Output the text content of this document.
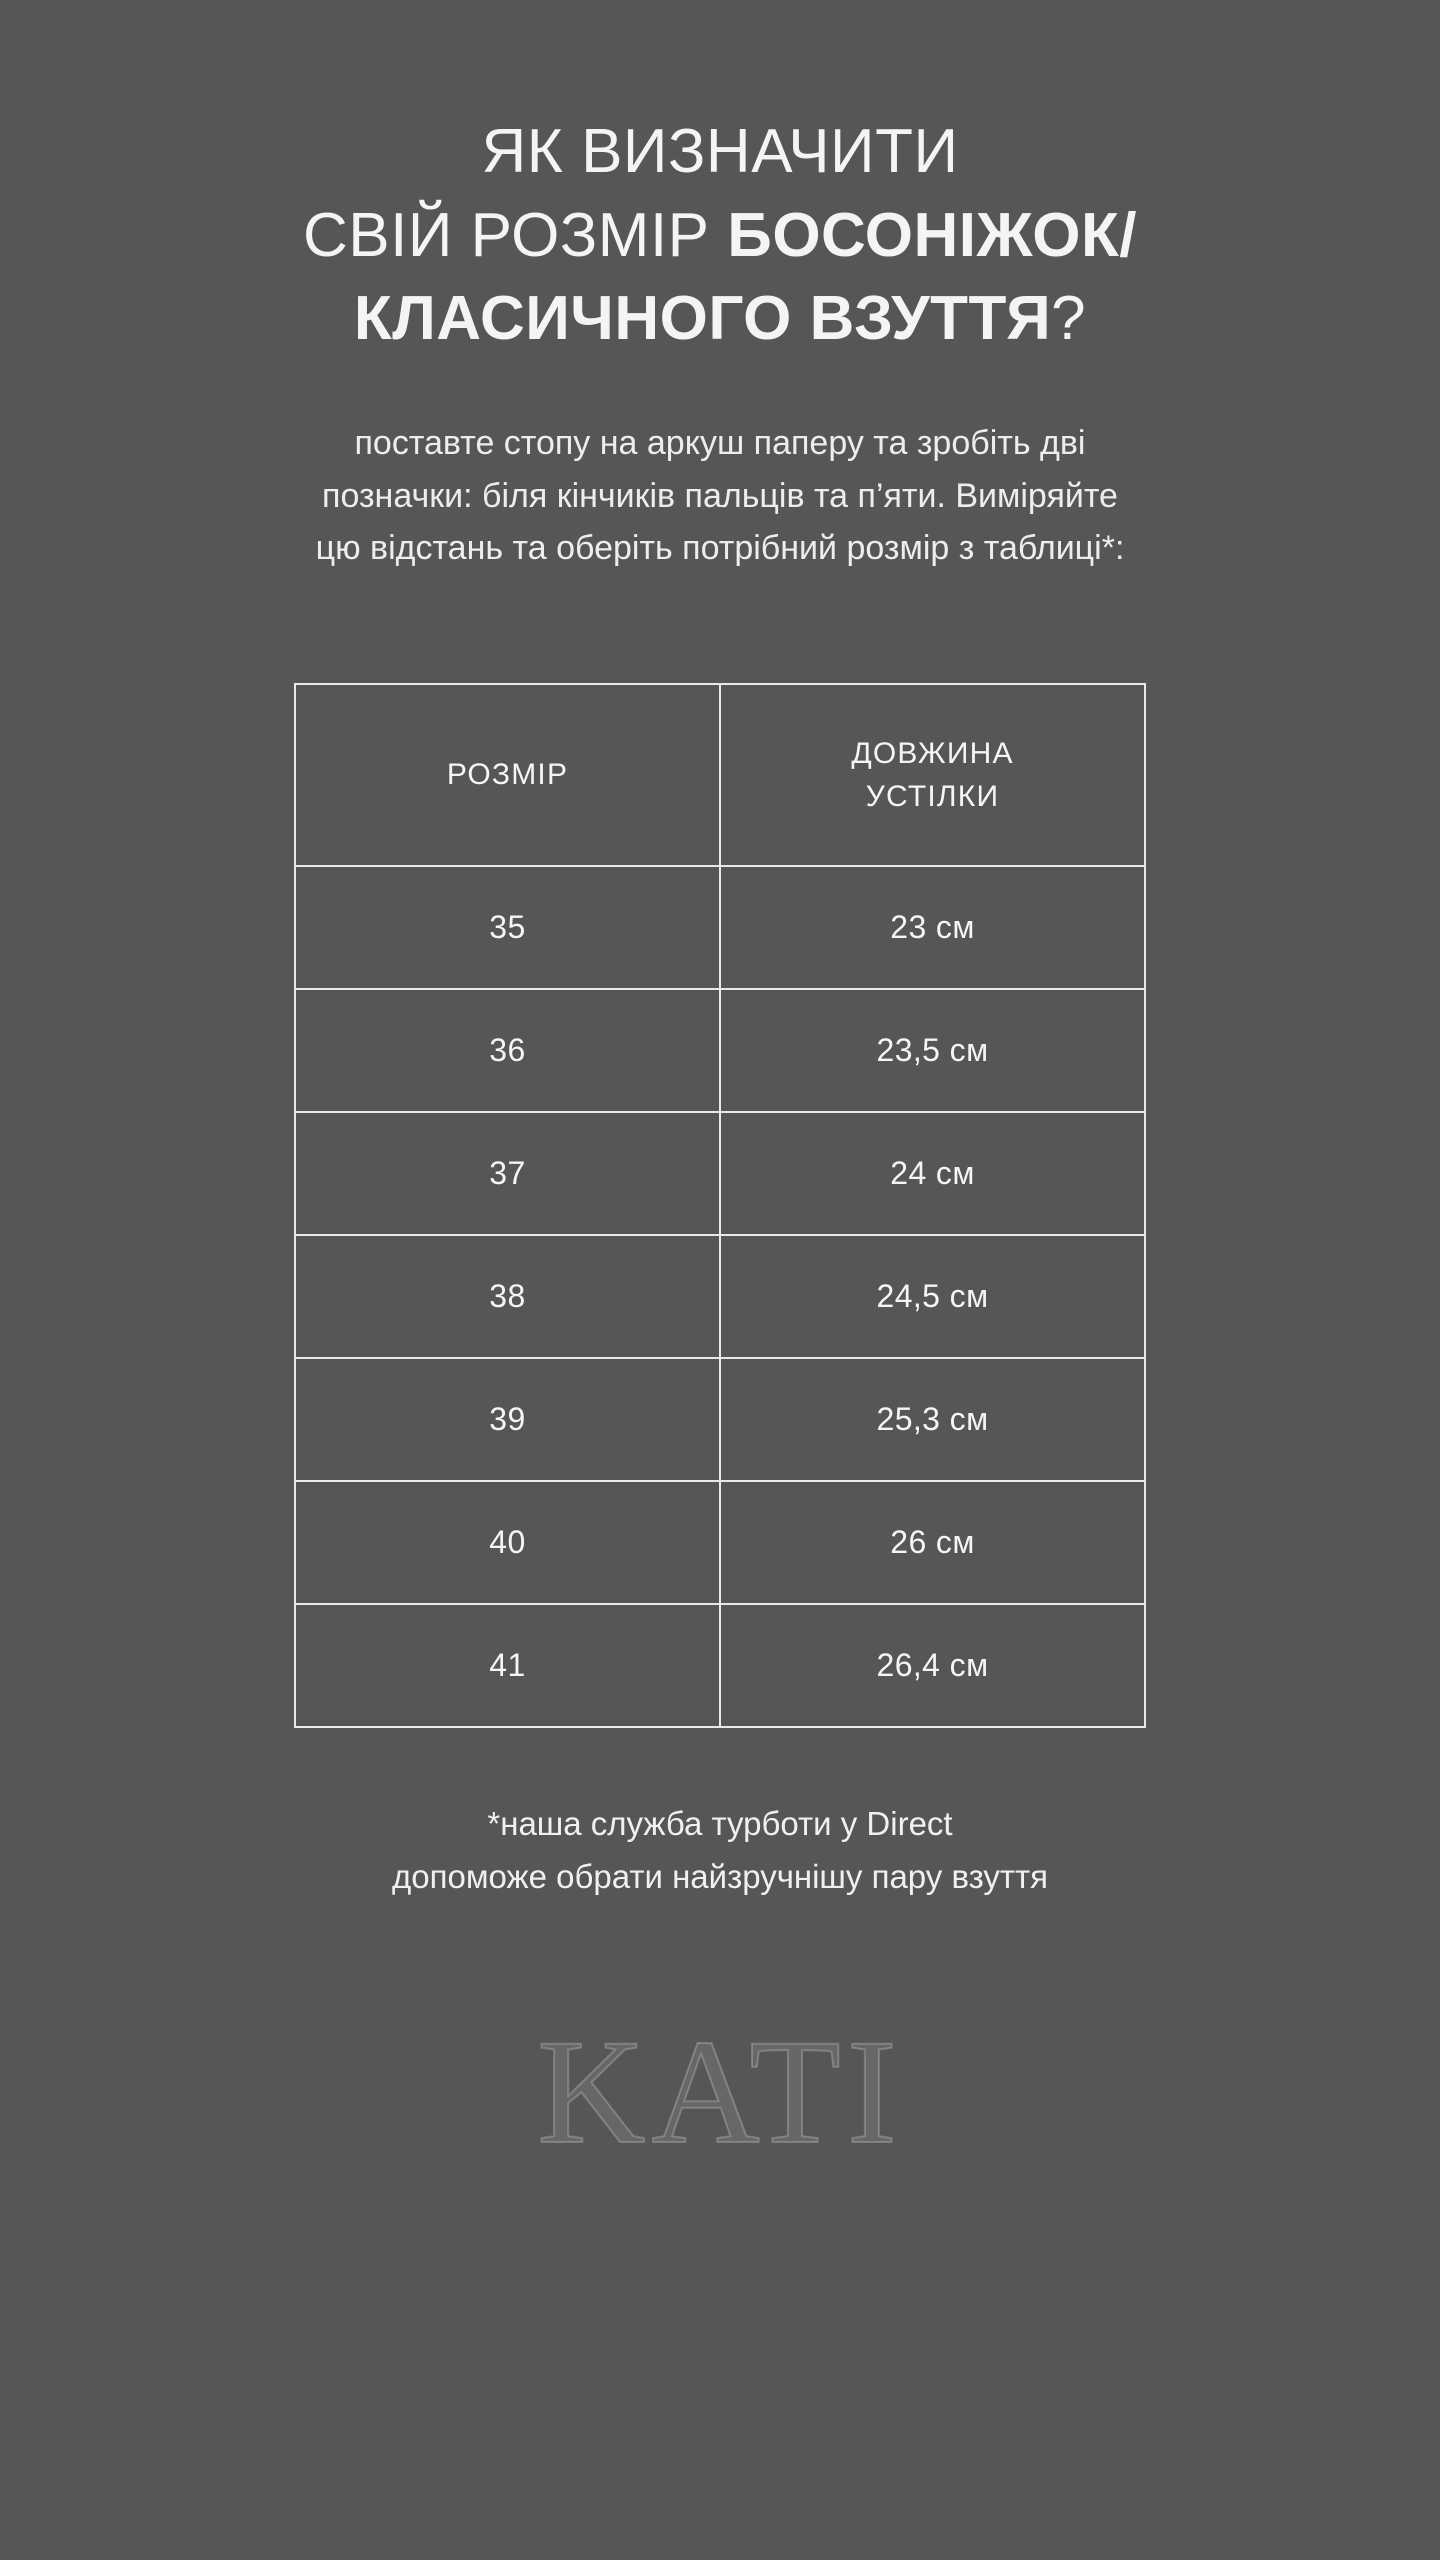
ЯК ВИЗНАЧИТИ
СВІЙ РОЗМІР БОСОНІЖОК/
КЛАСИЧНОГО ВЗУТТЯ?

поставте стопу на аркуш паперу та зробіть дві
позначки: біля кінчиків пальців та п’яти. Виміряйте
цю відстань та оберіть потрібний розмір з таблиці*:

РОЗМІР	ДОВЖИНА
УСТІЛКИ
35	23 см
36	23,5 см
37	24 см
38	24,5 см
39	25,3 см
40	26 см
41	26,4 см

*наша служба турботи у Direct
допоможе обрати найзручнішу пару взуття

KATI
